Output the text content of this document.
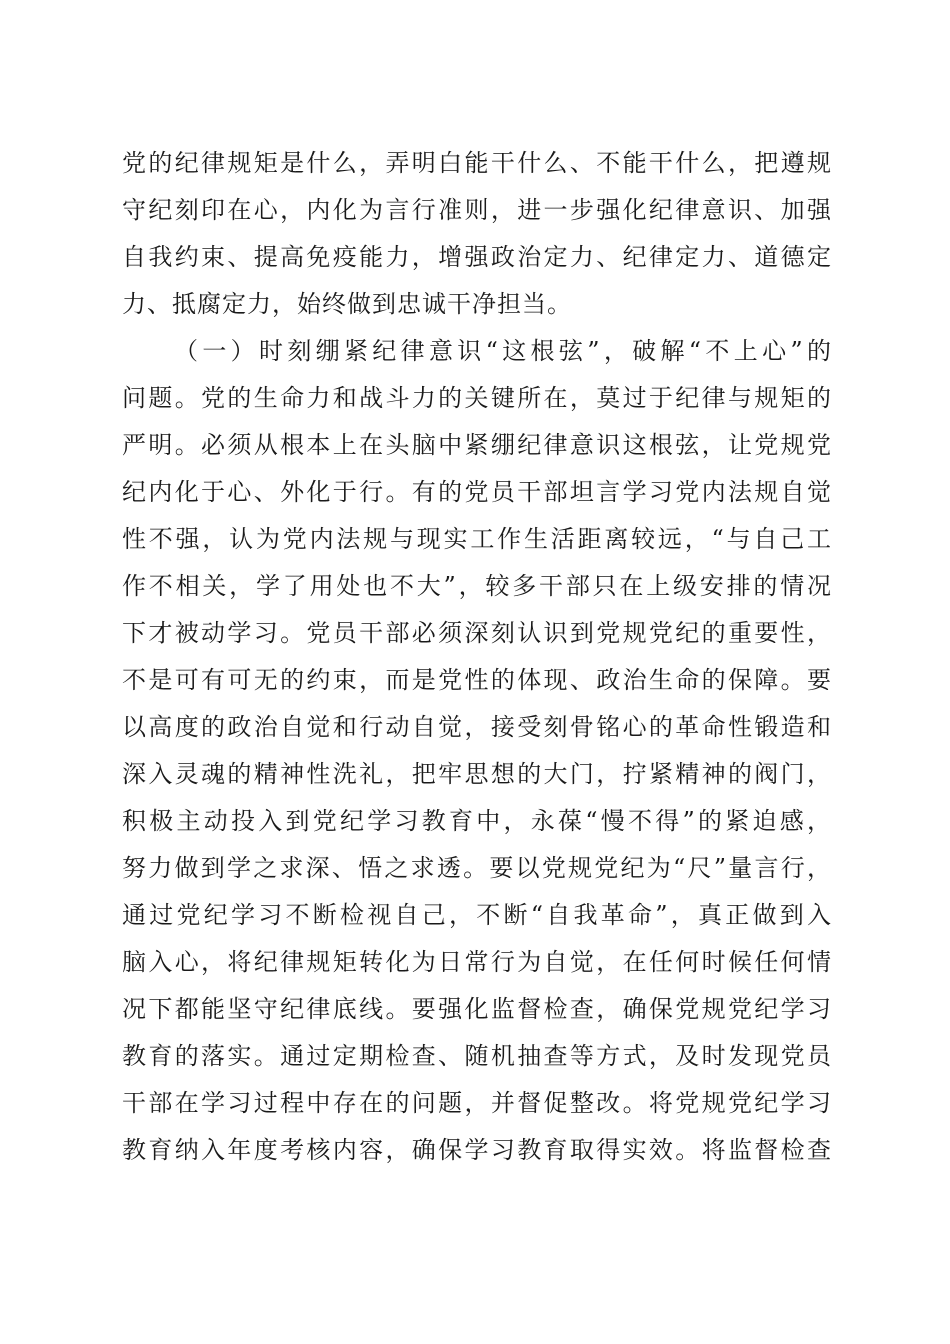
党的纪律规矩是什么，弄明白能干什么、不能干什么，把遵规
守纪刻印在心，内化为言行准则，进一步强化纪律意识、加强
自我约束、提高免疫能力，增强政治定力、纪律定力、道德定
力、抵腐定力，始终做到忠诚干净担当。
（一）时刻绷紧纪律意识“这根弦”，破解“不上心”的
问题。党的生命力和战斗力的关键所在，莫过于纪律与规矩的
严明。必须从根本上在头脑中紧绷纪律意识这根弦，让党规党
纪内化于心、外化于行。有的党员干部坦言学习党内法规自觉
性不强，认为党内法规与现实工作生活距离较远，“与自己工
作不相关，学了用处也不大”，较多干部只在上级安排的情况
下才被动学习。党员干部必须深刻认识到党规党纪的重要性，
不是可有可无的约束，而是党性的体现、政治生命的保障。要
以高度的政治自觉和行动自觉，接受刻骨铭心的革命性锻造和
深入灵魂的精神性洗礼，把牢思想的大门，拧紧精神的阀门，
积极主动投入到党纪学习教育中，永葆“慢不得”的紧迫感，
努力做到学之求深、悟之求透。要以党规党纪为“尺”量言行，
通过党纪学习不断检视自己，不断“自我革命”，真正做到入
脑入心，将纪律规矩转化为日常行为自觉，在任何时候任何情
况下都能坚守纪律底线。要强化监督检查，确保党规党纪学习
教育的落实。通过定期检查、随机抽查等方式，及时发现党员
干部在学习过程中存在的问题，并督促整改。将党规党纪学习
教育纳入年度考核内容，确保学习教育取得实效。将监督检查
